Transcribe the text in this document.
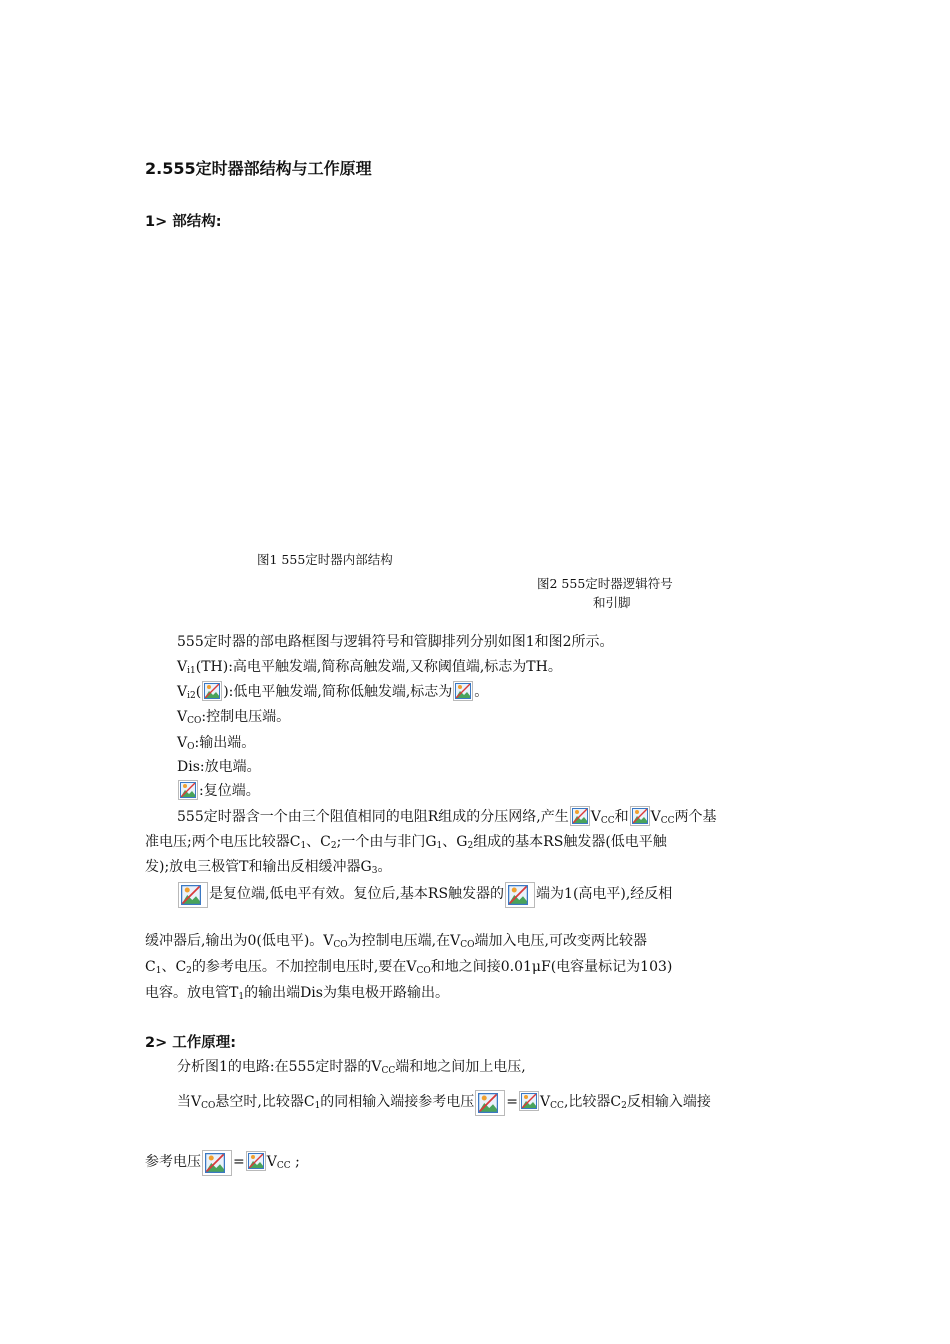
2.555定时器部结构与工作原理
1> 部结构:
图1 555定时器内部结构
图2 555定时器逻辑符号
和引脚
555定时器的部电路框图与逻辑符号和管脚排列分别如图1和图2所示。
$V_{i1}(TH)$:高电平触发端,简称高触发端,又称阈值端,标志为TH。
$V_{i2}$( ):低电平触发端,简称低触发端,标志为 。
$V_{CO}$:控制电压端。
$V_O$:输出端。
Dis:放电端。
:复位端。
555定时器含一个由三个阻值相同的电阻R组成的分压网络,产生 $V_{CC}$和 $V_{CC}$两个基
准电压;两个电压比较器$C_1$、$C_2$;一个由与非门$G_1$、$G_2$组成的基本RS触发器(低电平触
发);放电三极管T和输出反相缓冲器$G_3$。
是复位端,低电平有效。复位后,基本RS触发器的 端为1(高电平),经反相
缓冲器后,输出为0(低电平)。$V_{CO}$为控制电压端,在$V_{CO}$端加入电压,可改变两比较器
$C_1$、$C_2$的参考电压。不加控制电压时,要在$V_{CO}$和地之间接0.01μF(电容量标记为103)
电容。放电管$T_1$的输出端Dis为集电极开路输出。
2> 工作原理:
分析图1的电路:在555定时器的$V_{CC}$端和地之间加上电压,
当$V_{CO}$悬空时,比较器$C_1$的同相输入端接参考电压 = $V_{CC}$,比较器$C_2$反相输入端接
参考电压 = $V_{CC}$ ;
